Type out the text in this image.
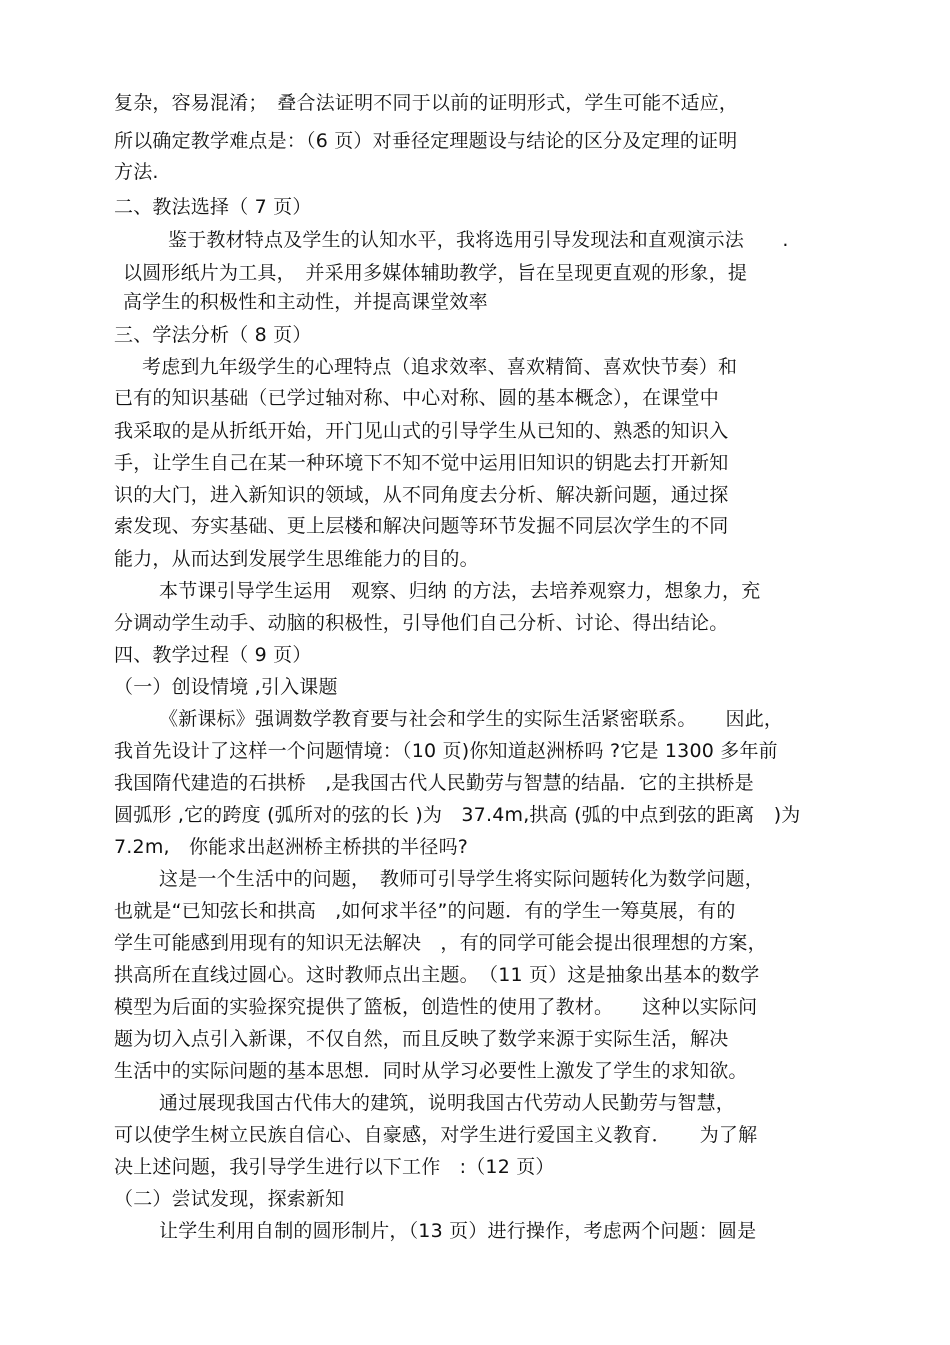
复杂，容易混淆；　叠合法证明不同于以前的证明形式，学生可能不适应，
所以确定教学难点是：（6 页）对垂径定理题设与结论的区分及定理的证明
方法.
二、教法选择（ 7 页）
鉴于教材特点及学生的认知水平，我将选用引导发现法和直观演示法　　.
以圆形纸片为工具，　并采用多媒体辅助教学，旨在呈现更直观的形象，提
高学生的积极性和主动性，并提高课堂效率
三、学法分析（ 8 页）
考虑到九年级学生的心理特点（追求效率、喜欢精简、喜欢快节奏）和
已有的知识基础（已学过轴对称、中心对称、圆的基本概念），在课堂中
我采取的是从折纸开始，开门见山式的引导学生从已知的、熟悉的知识入
手，让学生自己在某一种环境下不知不觉中运用旧知识的钥匙去打开新知
识的大门，进入新知识的领域，从不同角度去分析、解决新问题，通过探
索发现、夯实基础、更上层楼和解决问题等环节发掘不同层次学生的不同
能力，从而达到发展学生思维能力的目的。
本节课引导学生运用　观察、归纳 的方法，去培养观察力，想象力，充
分调动学生动手、动脑的积极性，引导他们自己分析、讨论、得出结论。
四、教学过程（ 9 页）
（一）创设情境 ,引入课题
《新课标》强调数学教育要与社会和学生的实际生活紧密联系。　　因此，
我首先设计了这样一个问题情境：（10 页)你知道赵洲桥吗 ?它是 1300 多年前
我国隋代建造的石拱桥　,是我国古代人民勤劳与智慧的结晶．它的主拱桥是
圆弧形 ,它的跨度 (弧所对的弦的长 )为　37.4m,拱高 (弧的中点到弦的距离　)为
7.2m,　你能求出赵洲桥主桥拱的半径吗?
这是一个生活中的问题，　教师可引导学生将实际问题转化为数学问题，
也就是“已知弦长和拱高　,如何求半径”的问题．有的学生一筹莫展，有的
学生可能感到用现有的知识无法解决　，有的同学可能会提出很理想的方案，
拱高所在直线过圆心。这时教师点出主题。　（11 页）这是抽象出基本的数学
模型为后面的实验探究提供了篮板，创造性的使用了教材。　　这种以实际问
题为切入点引入新课，不仅自然，而且反映了数学来源于实际生活，解决
生活中的实际问题的基本思想．同时从学习必要性上激发了学生的求知欲。
通过展现我国古代伟大的建筑，说明我国古代劳动人民勤劳与智慧，
可以使学生树立民族自信心、自豪感，对学生进行爱国主义教育．　　为了解
决上述问题，我引导学生进行以下工作　:（12 页）
（二）尝试发现，探索新知
让学生利用自制的圆形制片，（13 页）进行操作，考虑两个问题：圆是
